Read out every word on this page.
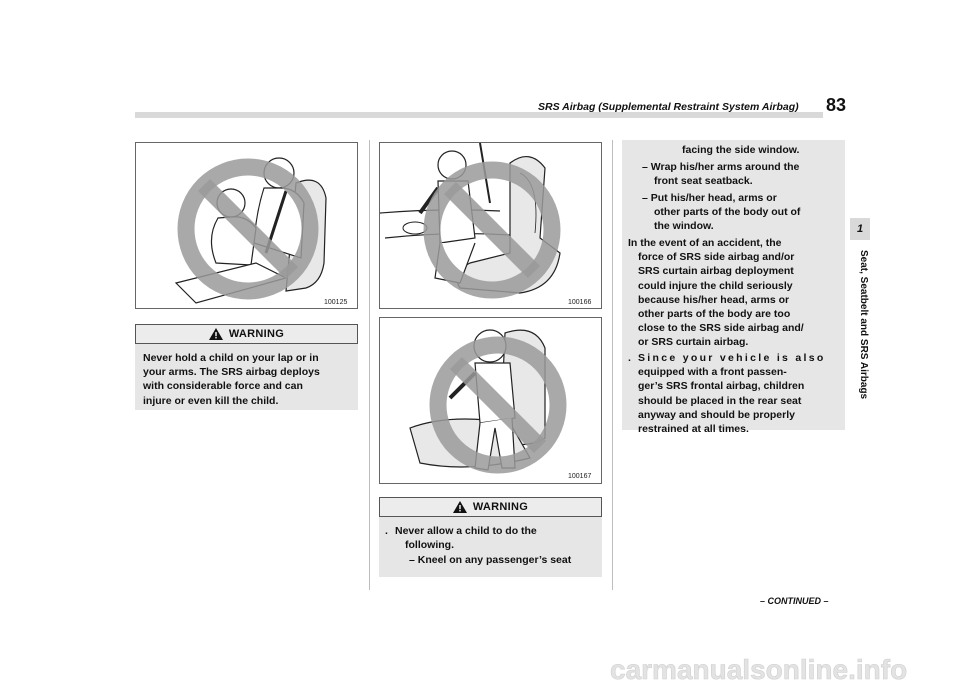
SRS Airbag (Supplemental Restraint System Airbag) 83
1
Seat, Seatbelt and SRS Airbags
100125
WARNING
Never hold a child on your lap or in
your arms. The SRS airbag deploys
with considerable force and can
injure or even kill the child.
100166
100167
WARNING
. Never allow a child to do the
following.
– Kneel on any passenger’s seat
facing the side window.
– Wrap his/her arms around the
front seat seatback.
– Put his/her head, arms or
other parts of the body out of
the window.
In the event of an accident, the
force of SRS side airbag and/or
SRS curtain airbag deployment
could injure the child seriously
because his/her head, arms or
other parts of the body are too
close to the SRS side airbag and/
or SRS curtain airbag.
. Since your vehicle is also
equipped with a front passen-
ger’s SRS frontal airbag, children
should be placed in the rear seat
anyway and should be properly
restrained at all times.
– CONTINUED –
carmanualsonline.info
